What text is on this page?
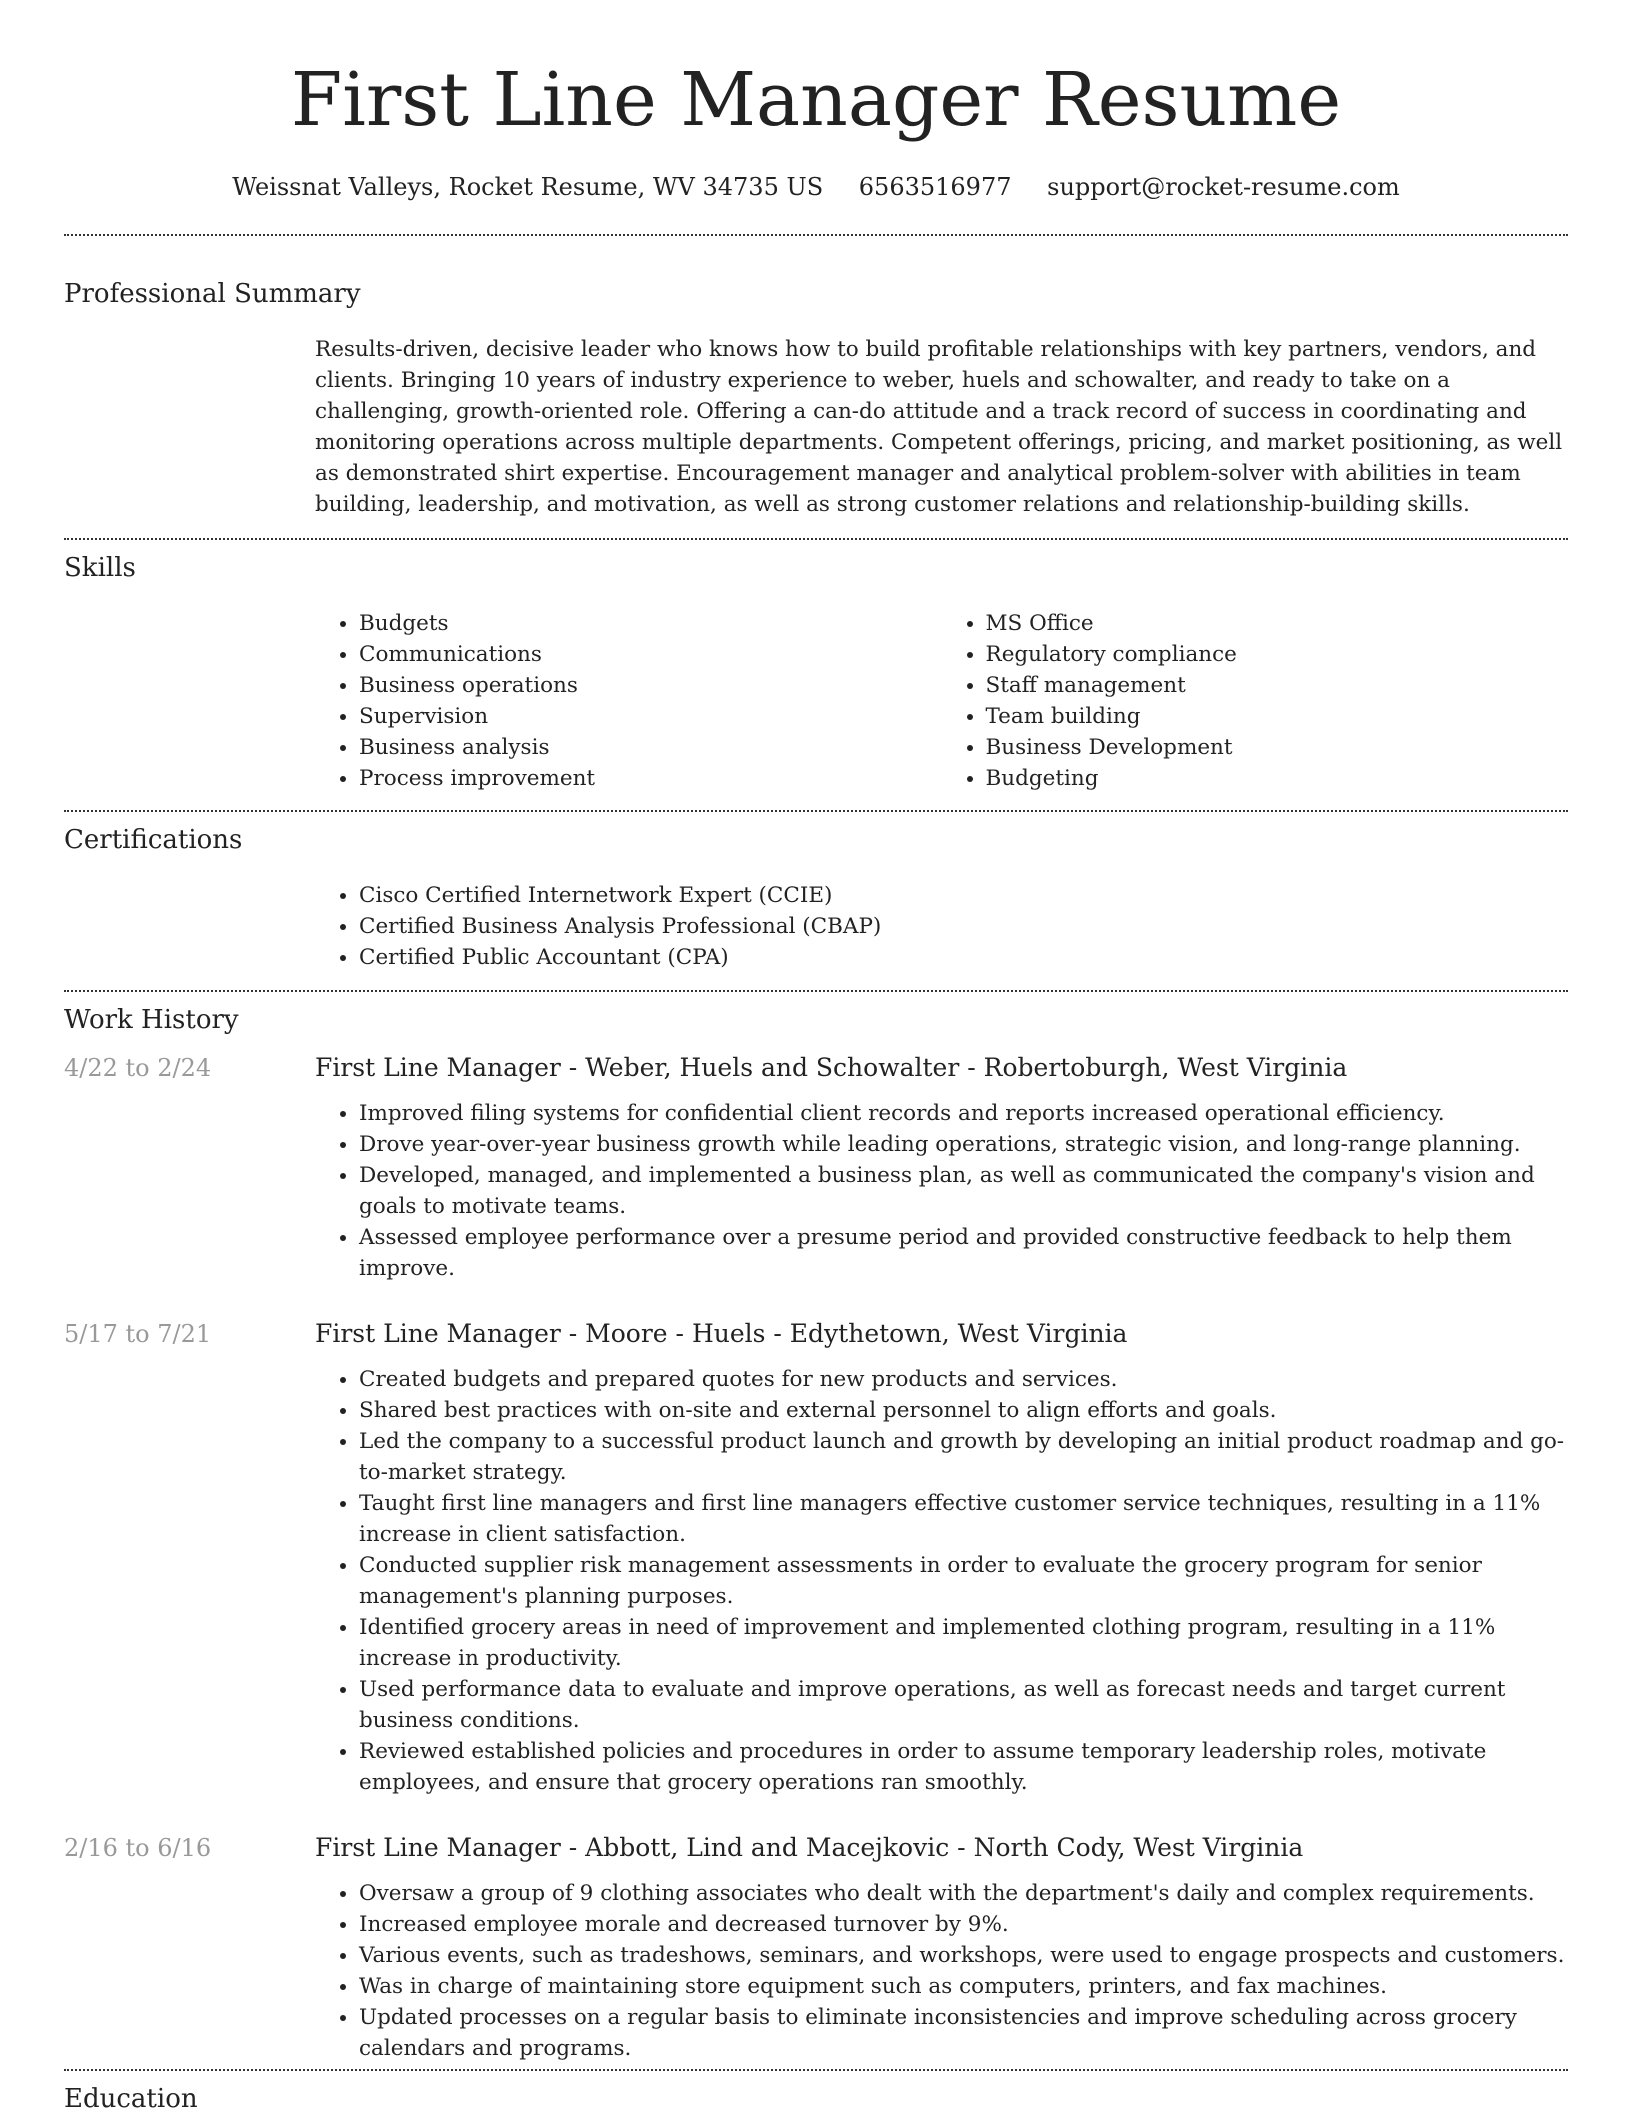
First Line Manager Resume
Weissnat Valleys, Rocket Resume, WV 34735 US 6563516977 support@rocket-resume.com
Professional Summary
Results-driven, decisive leader who knows how to build profitable relationships with key partners, vendors, and clients. Bringing 10 years of industry experience to weber, huels and schowalter, and ready to take on a challenging, growth-oriented role. Offering a can-do attitude and a track record of success in coordinating and monitoring operations across multiple departments. Competent offerings, pricing, and market positioning, as well as demonstrated shirt expertise. Encouragement manager and analytical problem-solver with abilities in team building, leadership, and motivation, as well as strong customer relations and relationship-building skills.
Skills
• Budgets
• Communications
• Business operations
• Supervision
• Business analysis
• Process improvement
• MS Office
• Regulatory compliance
• Staff management
• Team building
• Business Development
• Budgeting
Certifications
• Cisco Certified Internetwork Expert (CCIE)
• Certified Business Analysis Professional (CBAP)
• Certified Public Accountant (CPA)
Work History
4/22 to 2/24	First Line Manager - Weber, Huels and Schowalter - Robertoburgh, West Virginia
• Improved filing systems for confidential client records and reports increased operational efficiency.
• Drove year-over-year business growth while leading operations, strategic vision, and long-range planning.
• Developed, managed, and implemented a business plan, as well as communicated the company's vision and goals to motivate teams.
• Assessed employee performance over a presume period and provided constructive feedback to help them improve.
5/17 to 7/21	First Line Manager - Moore - Huels - Edythetown, West Virginia
• Created budgets and prepared quotes for new products and services.
• Shared best practices with on-site and external personnel to align efforts and goals.
• Led the company to a successful product launch and growth by developing an initial product roadmap and go-to-market strategy.
• Taught first line managers and first line managers effective customer service techniques, resulting in a 11% increase in client satisfaction.
• Conducted supplier risk management assessments in order to evaluate the grocery program for senior management's planning purposes.
• Identified grocery areas in need of improvement and implemented clothing program, resulting in a 11% increase in productivity.
• Used performance data to evaluate and improve operations, as well as forecast needs and target current business conditions.
• Reviewed established policies and procedures in order to assume temporary leadership roles, motivate employees, and ensure that grocery operations ran smoothly.
2/16 to 6/16	First Line Manager - Abbott, Lind and Macejkovic - North Cody, West Virginia
• Oversaw a group of 9 clothing associates who dealt with the department's daily and complex requirements.
• Increased employee morale and decreased turnover by 9%.
• Various events, such as tradeshows, seminars, and workshops, were used to engage prospects and customers.
• Was in charge of maintaining store equipment such as computers, printers, and fax machines.
• Updated processes on a regular basis to eliminate inconsistencies and improve scheduling across grocery calendars and programs.
Education
